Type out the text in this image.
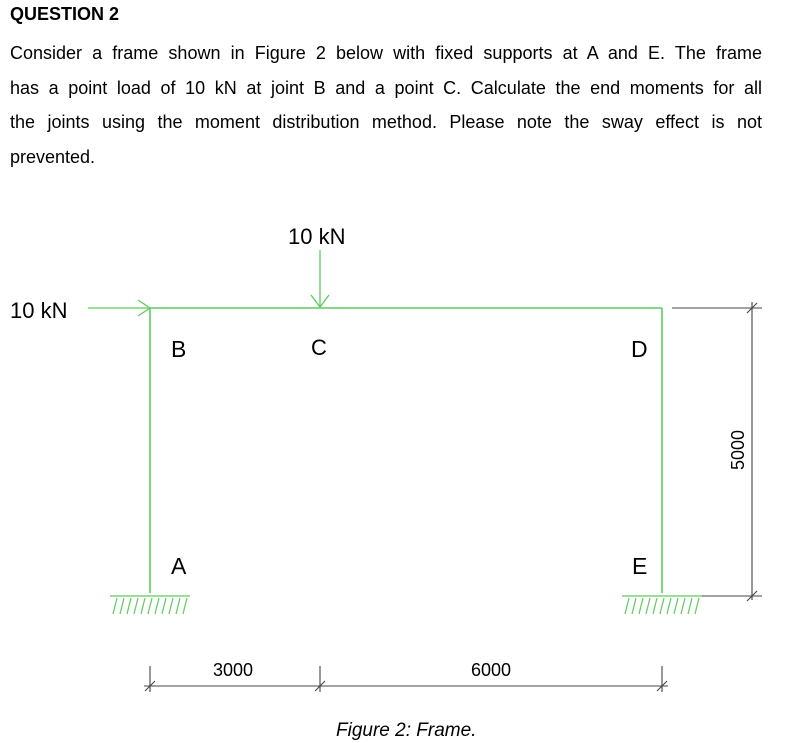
QUESTION 2

Consider a frame shown in Figure 2 below with fixed supports at A and E. The frame
has a point load of 10 kN at joint B and a point C. Calculate the end moments for all
the joints using the moment distribution method. Please note the sway effect is not
prevented.

10 kN
10 kN
B	C	D
A	E
3000	6000
5000
Figure 2: Frame.
